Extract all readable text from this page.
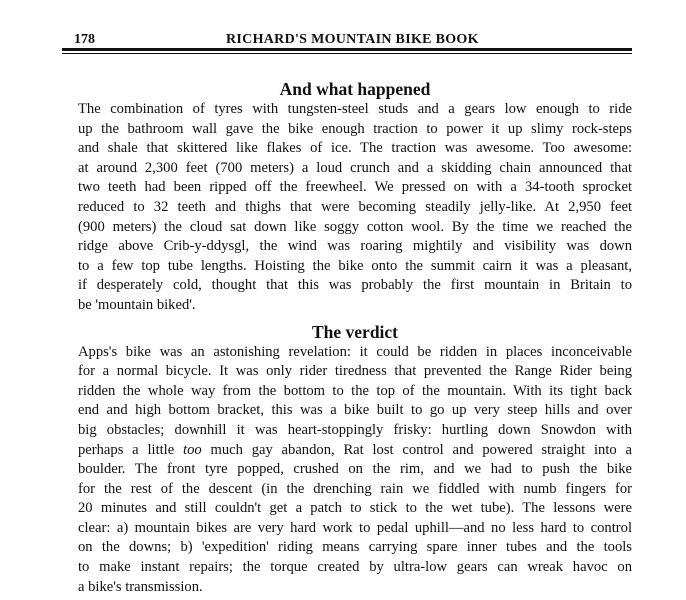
178	RICHARD'S MOUNTAIN BIKE BOOK
And what happened
The combination of tyres with tungsten-steel studs and a gears low enough to ride
up the bathroom wall gave the bike enough traction to power it up slimy rock-steps
and shale that skittered like flakes of ice. The traction was awesome. Too awesome:
at around 2,300 feet (700 meters) a loud crunch and a skidding chain announced that
two teeth had been ripped off the freewheel. We pressed on with a 34-tooth sprocket
reduced to 32 teeth and thighs that were becoming steadily jelly-like. At 2,950 feet
(900 meters) the cloud sat down like soggy cotton wool. By the time we reached the
ridge above Crib-y-ddysgl, the wind was roaring mightily and visibility was down
to a few top tube lengths. Hoisting the bike onto the summit cairn it was a pleasant,
if desperately cold, thought that this was probably the first mountain in Britain to
be 'mountain biked'.
The verdict
Apps's bike was an astonishing revelation: it could be ridden in places inconceivable
for a normal bicycle. It was only rider tiredness that prevented the Range Rider being
ridden the whole way from the bottom to the top of the mountain. With its tight back
end and high bottom bracket, this was a bike built to go up very steep hills and over
big obstacles; downhill it was heart-stoppingly frisky: hurtling down Snowdon with
perhaps a little too much gay abandon, Rat lost control and powered straight into a
boulder. The front tyre popped, crushed on the rim, and we had to push the bike
for the rest of the descent (in the drenching rain we fiddled with numb fingers for
20 minutes and still couldn't get a patch to stick to the wet tube). The lessons were
clear: a) mountain bikes are very hard work to pedal uphill—and no less hard to control
on the downs; b) 'expedition' riding means carrying spare inner tubes and the tools
to make instant repairs; the torque created by ultra-low gears can wreak havoc on
a bike's transmission.
